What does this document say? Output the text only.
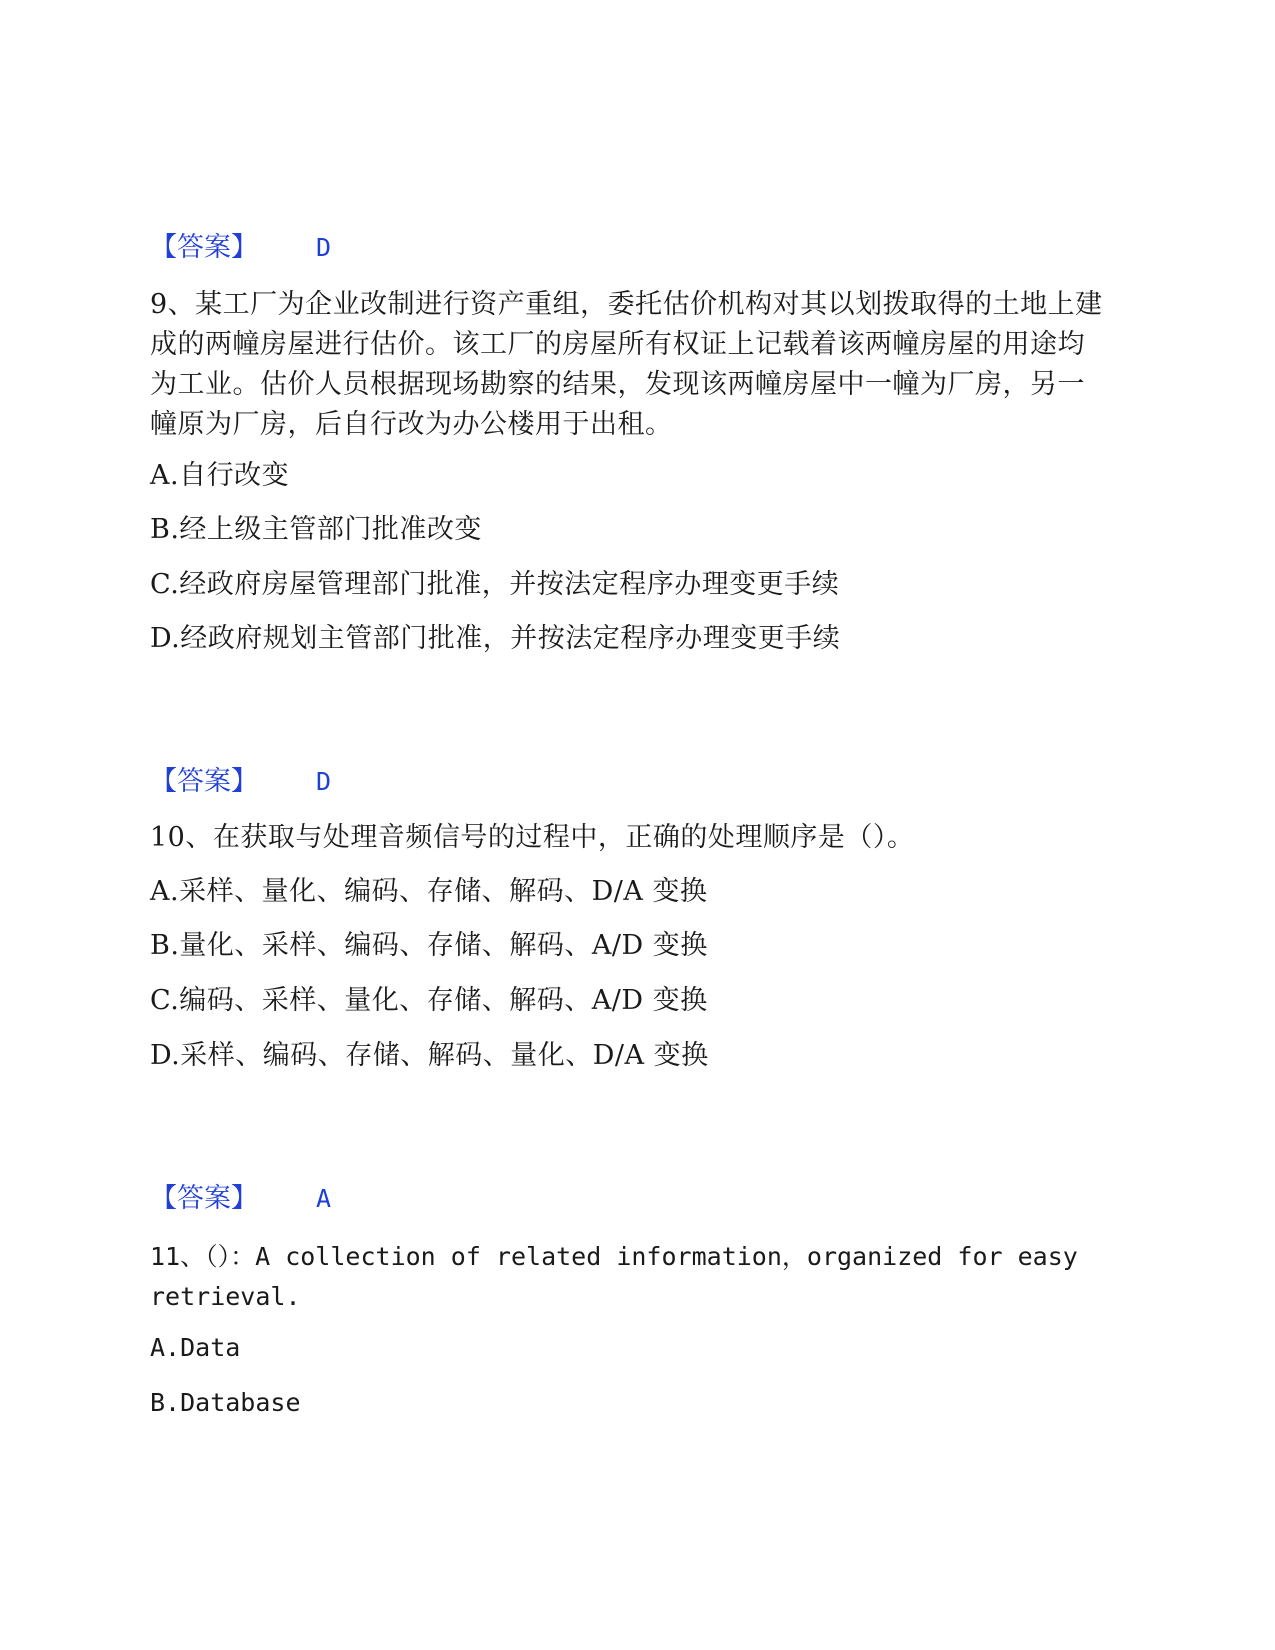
【答案】 D
9、某工厂为企业改制进行资产重组，委托估价机构对其以划拨取得的土地上建成的两幢房屋进行估价。该工厂的房屋所有权证上记载着该两幢房屋的用途均为工业。估价人员根据现场勘察的结果，发现该两幢房屋中一幢为厂房，另一幢原为厂房，后自行改为办公楼用于出租。
A.自行改变
B.经上级主管部门批准改变
C.经政府房屋管理部门批准，并按法定程序办理变更手续
D.经政府规划主管部门批准，并按法定程序办理变更手续
【答案】 D
10、在获取与处理音频信号的过程中，正确的处理顺序是（）。
A.采样、量化、编码、存储、解码、D/A 变换
B.量化、采样、编码、存储、解码、A/D 变换
C.编码、采样、量化、存储、解码、A/D 变换
D.采样、编码、存储、解码、量化、D/A 变换
【答案】 A
11、（）：A collection of related information，organized for easy retrieval.
A.Data
B.Database
